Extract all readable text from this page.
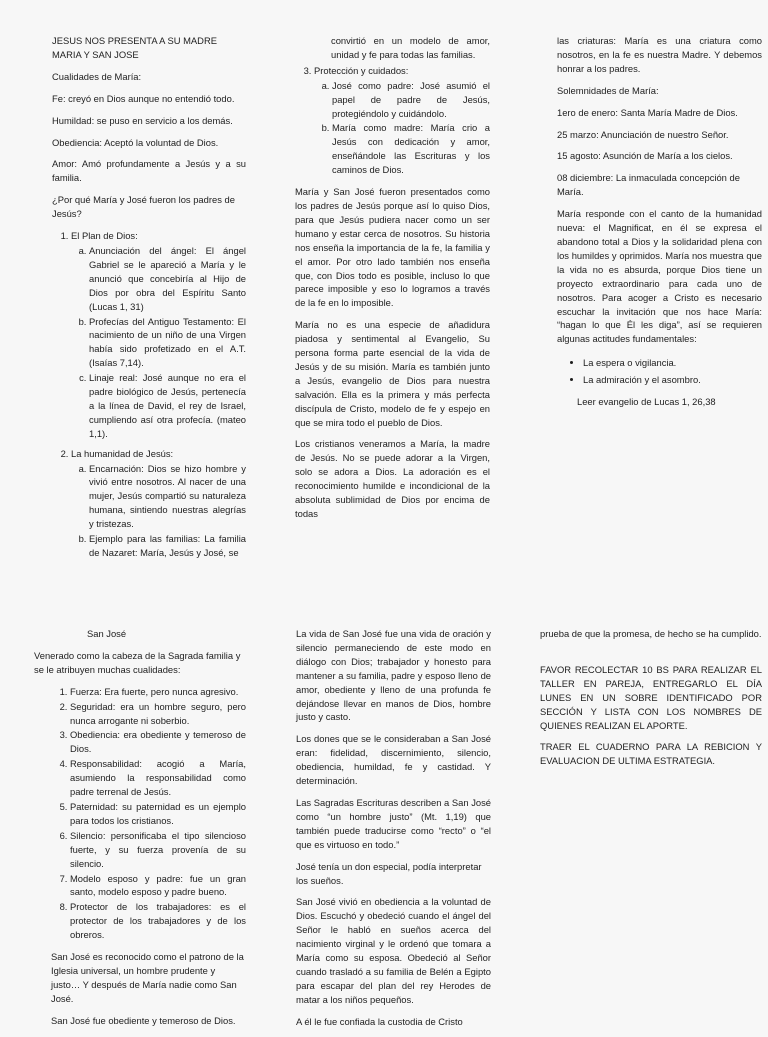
JESUS NOS PRESENTA A SU MADRE MARIA Y SAN JOSE

Cualidades de María:

Fe: creyó en Dios aunque no entendió todo.

Humildad: se puso en servicio a los demás.

Obediencia: Aceptó la voluntad de Dios.

Amor: Amó profundamente a Jesús y a su familia.

¿Por qué María y José fueron los padres de Jesús?

1. El Plan de Dios:
a. Anunciación del ángel: El ángel Gabriel se le apareció a María y le anunció que concebiría al Hijo de Dios por obra del Espíritu Santo (Lucas 1, 31)
b. Profecías del Antiguo Testamento: El nacimiento de un niño de una Virgen había sido profetizado en el A.T. (Isaías 7,14).
c. Linaje real: José aunque no era el padre biológico de Jesús, pertenecía a la línea de David, el rey de Israel, cumpliendo así otra profecía. (mateo 1,1).
2. La humanidad de Jesús:
a. Encarnación: Dios se hizo hombre y vivió entre nosotros. Al nacer de una mujer, Jesús compartió su naturaleza humana, sintiendo nuestras alegrías y tristezas.
b. Ejemplo para las familias: La familia de Nazaret: María, Jesús y José, se

convirtió en un modelo de amor, unidad y fe para todas las familias.

3. Protección y cuidados:
a. José como padre: José asumió el papel de padre de Jesús, protegiéndolo y cuidándolo.
b. María como madre: María crio a Jesús con dedicación y amor, enseñándole las Escrituras y los caminos de Dios.

María y San José fueron presentados como los padres de Jesús porque así lo quiso Dios, para que Jesús pudiera nacer como un ser humano y estar cerca de nosotros. Su historia nos enseña la importancia de la fe, la familia y el amor. Por otro lado también nos enseña que, con Dios todo es posible, incluso lo que parece imposible y eso lo logramos a través de la fe en lo imposible.

María no es una especie de añadidura piadosa y sentimental al Evangelio, Su persona forma parte esencial de la vida de Jesús y de su misión. María es también junto a Jesús, evangelio de Dios para nuestra salvación. Ella es la primera y más perfecta discípula de Cristo, modelo de fe y espejo en que se mira todo el pueblo de Dios.

Los cristianos veneramos a María, la madre de Jesús. No se puede adorar a la Virgen, solo se adora a Dios. La adoración es el reconocimiento humilde e incondicional de la absoluta sublimidad de Dios por encima de todas

las criaturas: María es una criatura como nosotros, en la fe es nuestra Madre. Y debemos honrar a los padres.

Solemnidades de María:

1ero de enero: Santa María Madre de Dios.

25 marzo: Anunciación de nuestro Señor.

15 agosto: Asunción de María a los cielos.

08 diciembre: La inmaculada concepción de María.

María responde con el canto de la humanidad nueva: el Magnificat, en él se expresa el abandono total a Dios y la solidaridad plena con los humildes y oprimidos. María nos muestra que la vida no es absurda, porque Dios tiene un proyecto extraordinario para cada uno de nosotros. Para acoger a Cristo es necesario escuchar la invitación que nos hace María: “hagan lo que Él les diga”, así se requieren algunas actitudes fundamentales:

• La espera o vigilancia.
• La admiración y el asombro.

Leer evangelio de Lucas 1, 26,38

San José

Venerado como la cabeza de la Sagrada familia y se le atribuyen muchas cualidades:

1. Fuerza: Era fuerte, pero nunca agresivo.
2. Seguridad: era un hombre seguro, pero nunca arrogante ni soberbio.
3. Obediencia: era obediente y temeroso de Dios.
4. Responsabilidad: acogió a María, asumiendo la responsabilidad como padre terrenal de Jesús.
5. Paternidad: su paternidad es un ejemplo para todos los cristianos.
6. Silencio: personificaba el tipo silencioso fuerte, y su fuerza provenía de su silencio.
7. Modelo esposo y padre: fue un gran santo, modelo esposo y padre bueno.
8. Protector de los trabajadores: es el protector de los trabajadores y de los obreros.

San José es reconocido como el patrono de la Iglesia universal, un hombre prudente y justo… Y después de María nadie como San José.

San José fue obediente y temeroso de Dios.

La vida de San José fue una vida de oración y silencio permaneciendo de este modo en diálogo con Dios; trabajador y honesto para mantener a su familia, padre y esposo lleno de amor, obediente y lleno de una profunda fe dejándose llevar en manos de Dios, hombre justo y casto.

Los dones que se le consideraban a San José eran: fidelidad, discernimiento, silencio, obediencia, humildad, fe y castidad. Y determinación.

Las Sagradas Escrituras describen a San José como “un hombre justo” (Mt. 1,19) que también puede traducirse como “recto” o “el que es virtuoso en todo.”

José tenía un don especial, podía interpretar los sueños.

San José vivió en obediencia a la voluntad de Dios. Escuchó y obedeció cuando el ángel del Señor le habló en sueños acerca del nacimiento virginal y le ordenó que tomara a María como su esposa. Obedeció al Señor cuando trasladó a su familia de Belén a Egipto para escapar del plan del rey Herodes de matar a los niños pequeños.

A él le fue confiada la custodia de Cristo

prueba de que la promesa, de hecho se ha cumplido.

FAVOR RECOLECTAR 10 BS PARA REALIZAR EL TALLER EN PAREJA, ENTREGARLO EL DÍA LUNES EN UN SOBRE IDENTIFICADO POR SECCIÓN Y LISTA CON LOS NOMBRES DE QUIENES REALIZAN EL APORTE.

TRAER EL CUADERNO PARA LA REBICION Y EVALUACION DE ULTIMA ESTRATEGIA.
